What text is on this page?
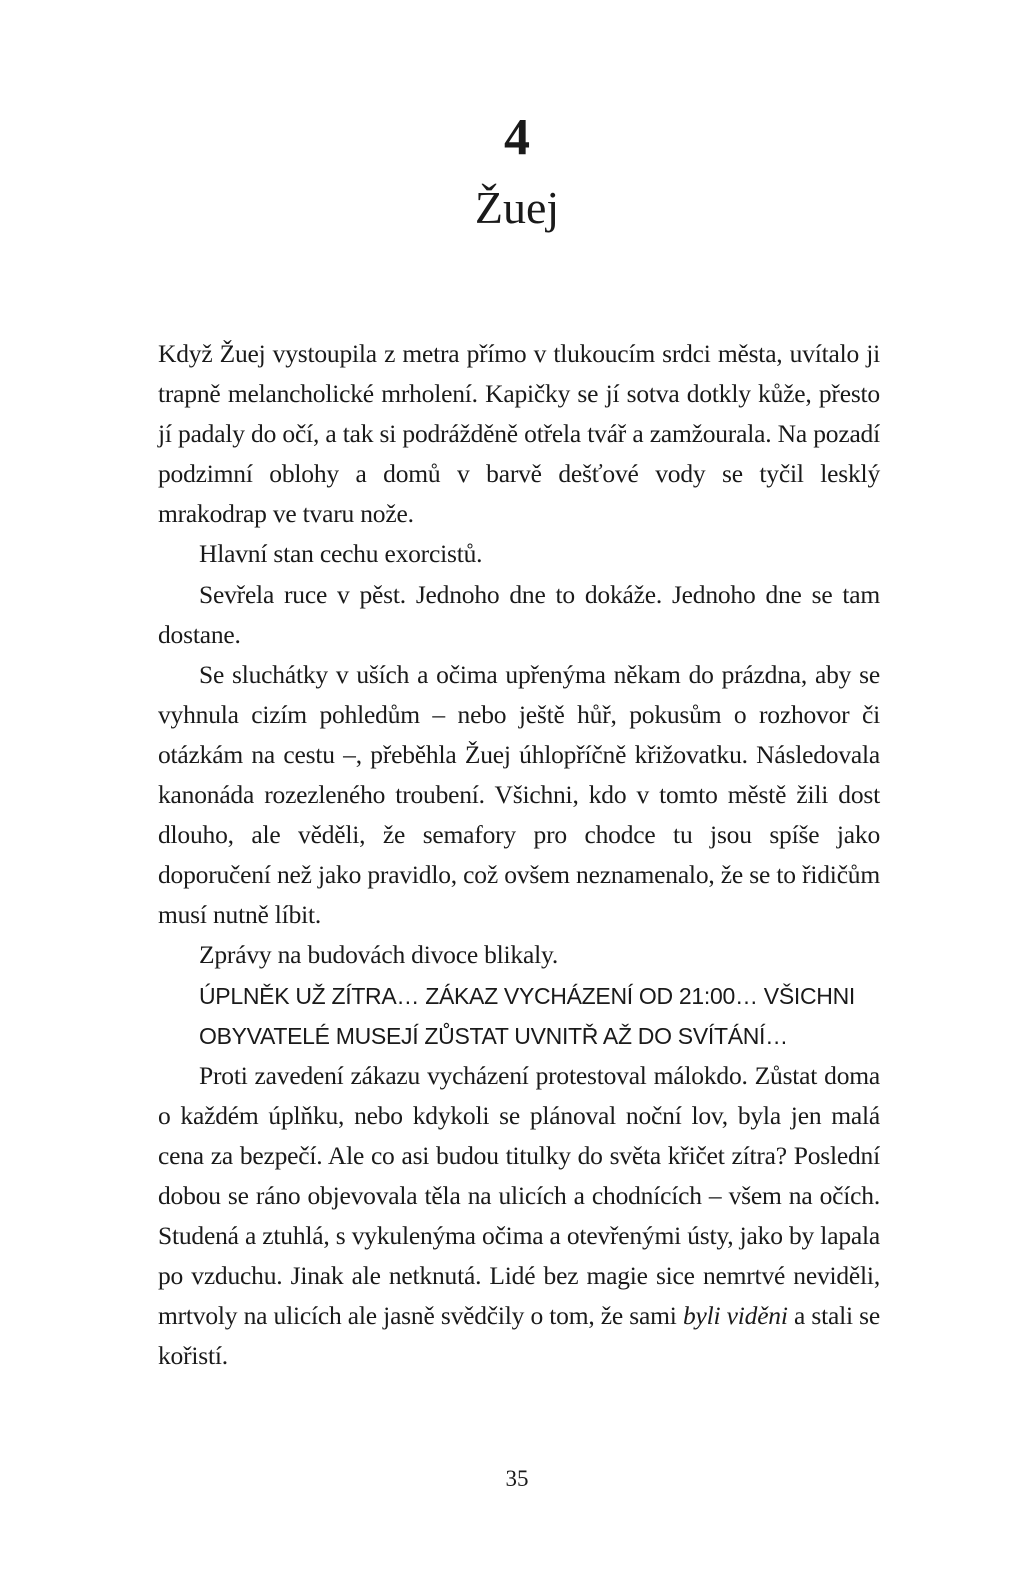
4
Žuej

Když Žuej vystoupila z metra přímo v tlukoucím srdci města, uvítalo ji trapně melancholické mrholení. Kapičky se jí sotva dotkly kůže, přesto jí padaly do očí, a tak si podrážděně otřela tvář a zamžourala. Na pozadí podzimní oblohy a domů v barvě dešťové vody se tyčil lesklý mrakodrap ve tvaru nože.

Hlavní stan cechu exorcistů.

Sevřela ruce v pěst. Jednoho dne to dokáže. Jednoho dne se tam dostane.

Se sluchátky v uších a očima upřenýma někam do prázdna, aby se vyhnula cizím pohledům – nebo ještě hůř, pokusům o rozhovor či otázkám na cestu –, přeběhla Žuej úhlopříčně křižovatku. Následovala kanonáda rozezleného troubení. Všichni, kdo v tomto městě žili dost dlouho, ale věděli, že semafory pro chodce tu jsou spíše jako doporučení než jako pravidlo, což ovšem neznamenalo, že se to řidičům musí nutně líbit.

Zprávy na budovách divoce blikaly.

ÚPLNĚK UŽ ZÍTRA… ZÁKAZ VYCHÁZENÍ OD 21:00… VŠICHNI OBYVATELÉ MUSEJÍ ZŮSTAT UVNITŘ AŽ DO SVÍTÁNÍ…

Proti zavedení zákazu vycházení protestoval málokdo. Zůstat doma o každém úplňku, nebo kdykoli se plánoval noční lov, byla jen malá cena za bezpečí. Ale co asi budou titulky do světa křičet zítra? Poslední dobou se ráno objevovala těla na ulicích a chodnících – všem na očích. Studená a ztuhlá, s vykulenýma očima a otevřenými ústy, jako by lapala po vzduchu. Jinak ale netknutá. Lidé bez magie sice nemrtvé neviděli, mrtvoly na ulicích ale jasně svědčily o tom, že sami byli viděni a stali se kořistí.

35
